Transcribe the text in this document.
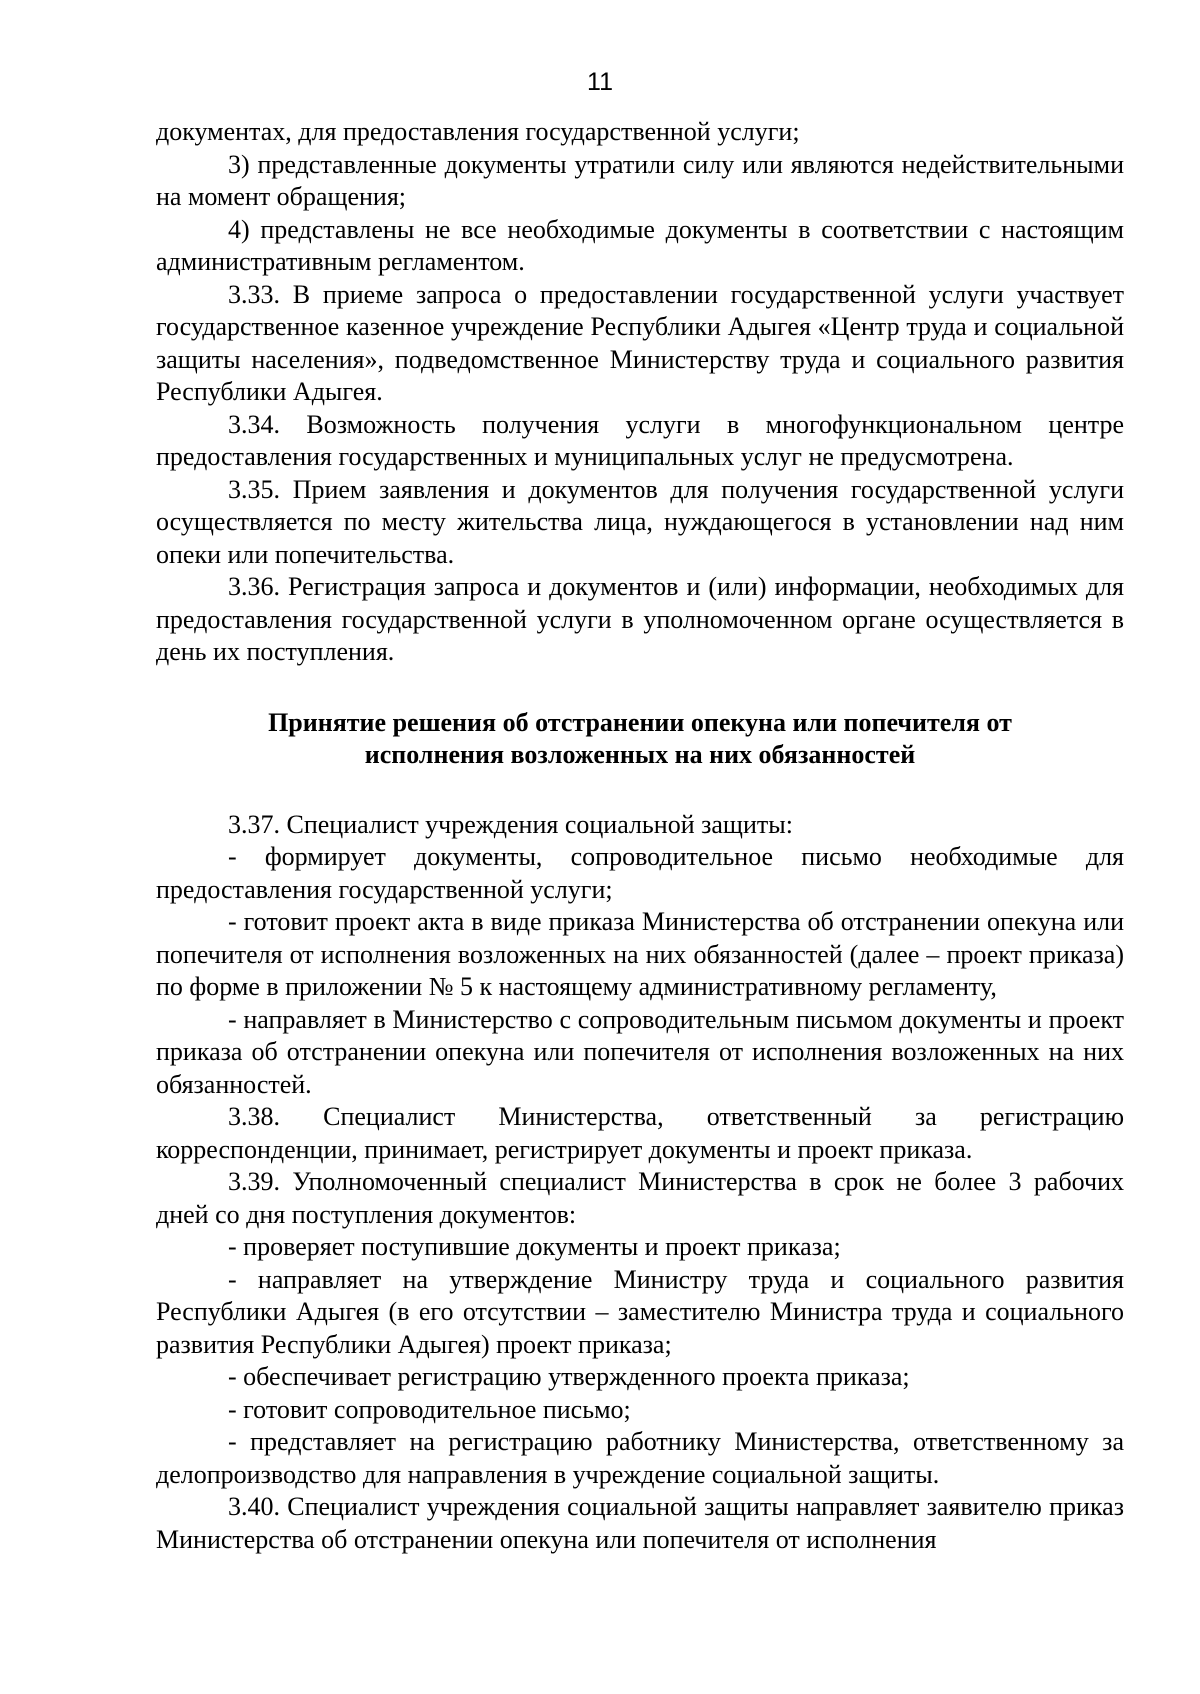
11

документах, для предоставления государственной услуги;

3) представленные документы утратили силу или являются недействительными на момент обращения;

4) представлены не все необходимые документы в соответствии с настоящим административным регламентом.

3.33. В приеме запроса о предоставлении государственной услуги участвует государственное казенное учреждение Республики Адыгея «Центр труда и социальной защиты населения», подведомственное Министерству труда и социального развития Республики Адыгея.

3.34. Возможность получения услуги в многофункциональном центре предоставления государственных и муниципальных услуг не предусмотрена.

3.35. Прием заявления и документов для получения государственной услуги осуществляется по месту жительства лица, нуждающегося в установлении над ним опеки или попечительства.

3.36. Регистрация запроса и документов и (или) информации, необходимых для предоставления государственной услуги в уполномоченном органе осуществляется в день их поступления.

Принятие решения об отстранении опекуна или попечителя от исполнения возложенных на них обязанностей

3.37. Специалист учреждения социальной защиты:

- формирует документы, сопроводительное письмо необходимые для предоставления государственной услуги;

- готовит проект акта в виде приказа Министерства об отстранении опекуна или попечителя от исполнения возложенных на них обязанностей (далее – проект приказа) по форме в приложении № 5 к настоящему административному регламенту,

- направляет в Министерство с сопроводительным письмом документы и проект приказа об отстранении опекуна или попечителя от исполнения возложенных на них обязанностей.

3.38. Специалист Министерства, ответственный за регистрацию корреспонденции, принимает, регистрирует документы и проект приказа.

3.39. Уполномоченный специалист Министерства в срок не более 3 рабочих дней со дня поступления документов:

- проверяет поступившие документы и проект приказа;

- направляет на утверждение Министру труда и социального развития Республики Адыгея (в его отсутствии – заместителю Министра труда и социального развития Республики Адыгея) проект приказа;

- обеспечивает регистрацию утвержденного проекта приказа;

- готовит сопроводительное письмо;

- представляет на регистрацию работнику Министерства, ответственному за делопроизводство для направления в учреждение социальной защиты.

3.40. Специалист учреждения социальной защиты направляет заявителю приказ Министерства об отстранении опекуна или попечителя от исполнения
